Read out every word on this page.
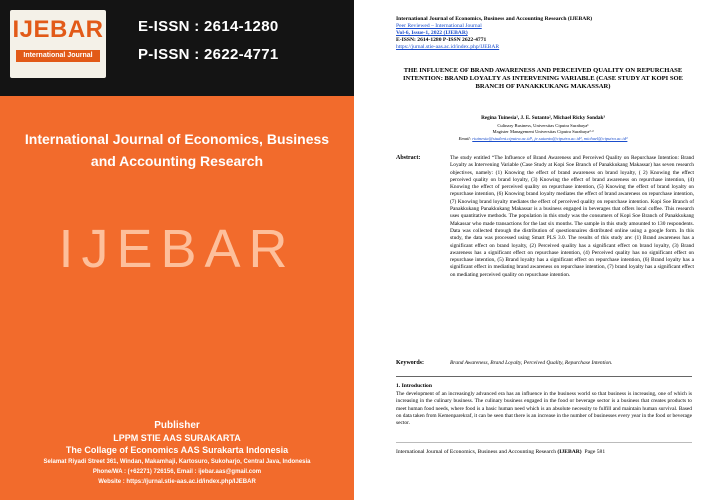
IJEBAR
International Journal
E-ISSN : 2614-1280
P-ISSN : 2622-4771
International Journal of Economics, Business and Accounting Research
IJEBAR
Publisher
LPPM STIE AAS SURAKARTA
The Collage of Economics AAS Surakarta Indonesia
Selamat Riyadi Street 361, Windan, Makamhaji, Kartosuro, Sukoharjo, Central Java, Indonesia
Phone/WA : (+62271) 726156, Email : ijebar.aas@gmail.com
Website : https://jurnal.stie-aas.ac.id/index.php/IJEBAR
International Journal of Economics, Business and Accounting Research (IJEBAR)
Peer Reviewed – International Journal
Vol-6, Issue-1, 2022 (IJEBAR)
E-ISSN: 2614-1280 P-ISSN 2622-4771
https://jurnal.stie-aas.ac.id/index.php/IJEBAR
THE INFLUENCE OF BRAND AWARENESS AND PERCEIVED QUALITY ON REPURCHASE INTENTION: BRAND LOYALTY AS INTERVENING VARIABLE (CASE STUDY AT KOPI SOE BRANCH OF PANAKKUKANG MAKASSAR)
Regina Tuinesia¹, J. E. Sutanto², Michael Ricky Sondak³
Culinary Business, Universitas Ciputra Surabaya¹
Magister Management Universitas Ciputra Surabaya²·³
Email: rtuinesia@student.ciputra.ac.id¹, je.sutanto@ciputra.ac.id², michael@ciputra.ac.id³
Abstract:	The study entitled “The Influence of Brand Awareness and Perceived Quality on Repurchase Intention: Brand Loyalty as Intervening Variable (Case Study at Kopi Soe Branch of Panakkukang Makassar) has seven research objectives, namely: (1) Knowing the effect of brand awareness on brand loyalty, ( 2) Knowing the effect perceived quality on brand loyalty, (3) Knowing the effect of brand awareness on repurchase intention, (4) Knowing the effect of perceived quality on repurchase intention, (5) Knowing the effect of brand loyalty on repurchase intention, (6) Knowing brand loyalty mediates the effect of brand awareness on repurchase intention, (7) Knowing brand loyalty mediates the effect of perceived quality on repurchase intention. Kopi Soe Branch of Panakkukang Panakkukang Makassar is a business engaged in beverages that offers local coffee. This research uses quantitative methods. The population in this study was the consumers of Kopi Soe Branch of Panakkukang Makassar who made transactions for the last six months. The sample in this study amounted to 130 respondents. Data was collected through the distribution of questionnaires distributed online using a google form. In this study, the data was processed using Smart PLS 3.0. The results of this study are: (1) Brand awareness has a significant effect on brand loyalty, (2) Perceived quality has a significant effect on brand loyalty, (3) Brand awareness has a significant effect on repurchase intention, (4) Perceived quality has no significant effect on repurchase intention, (5) Brand loyalty has a significant effect on repurchase intention, (6) Brand loyalty has a significant effect in mediating brand awareness on repurchase intention, (7) brand loyalty has a significant effect on mediating perceived quality on repurchase intention.
Keywords:	Brand Awareness, Brand Loyalty, Perceived Quality, Repurchase Intention.
1. Introduction
The development of an increasingly advanced era has an influence in the business world so that business is increasing, one of which is increasing in the culinary business. The culinary business engaged in the food or beverage sector is a business that creates products to meet human food needs, where food is a basic human need which is an absolute necessity to fulfill and maintain human survival. Based on data taken from Kemenparekraf, it can be seen that there is an increase in the number of businesses every year in the food or beverage sector.
International Journal of Economics, Business and Accounting Research (IJEBAR) Page 581
